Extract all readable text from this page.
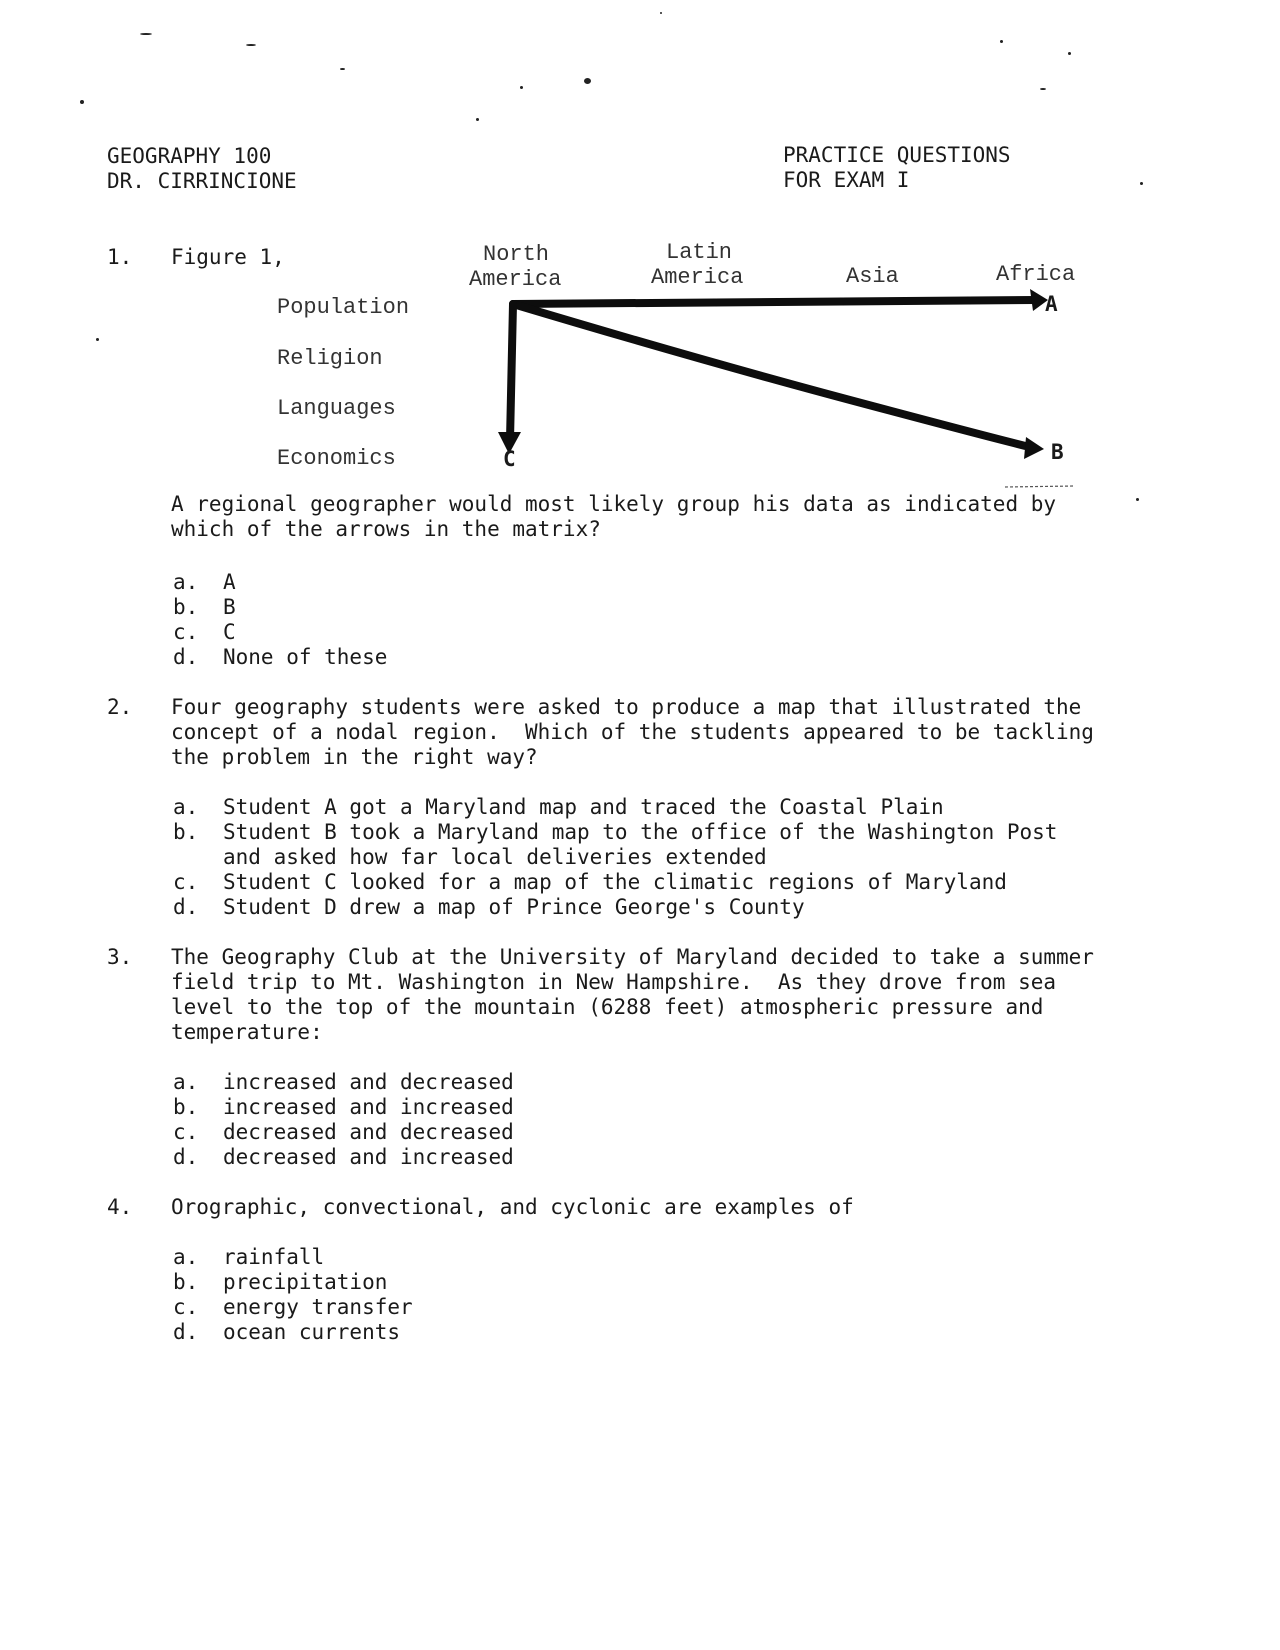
GEOGRAPHY 100
DR. CIRRINCIONE
PRACTICE QUESTIONS
FOR EXAM I
1.	Figure 1,	North
America
Latin
America	Asia	Africa
Population
Religion
Languages
Economics
A
B
C
A regional geographer would most likely group his data as indicated by
which of the arrows in the matrix?
a.	A
b.	B
c.	C
d.	None of these
2.	Four geography students were asked to produce a map that illustrated the
concept of a nodal region.  Which of the students appeared to be tackling
the problem in the right way?
a.	Student A got a Maryland map and traced the Coastal Plain
b.	Student B took a Maryland map to the office of the Washington Post
and asked how far local deliveries extended
c.	Student C looked for a map of the climatic regions of Maryland
d.	Student D drew a map of Prince George's County
3.	The Geography Club at the University of Maryland decided to take a summer
field trip to Mt. Washington in New Hampshire.  As they drove from sea
level to the top of the mountain (6288 feet) atmospheric pressure and
temperature:
a.	increased and decreased
b.	increased and increased
c.	decreased and decreased
d.	decreased and increased
4.	Orographic, convectional, and cyclonic are examples of
a.	rainfall
b.	precipitation
c.	energy transfer
d.	ocean currents
